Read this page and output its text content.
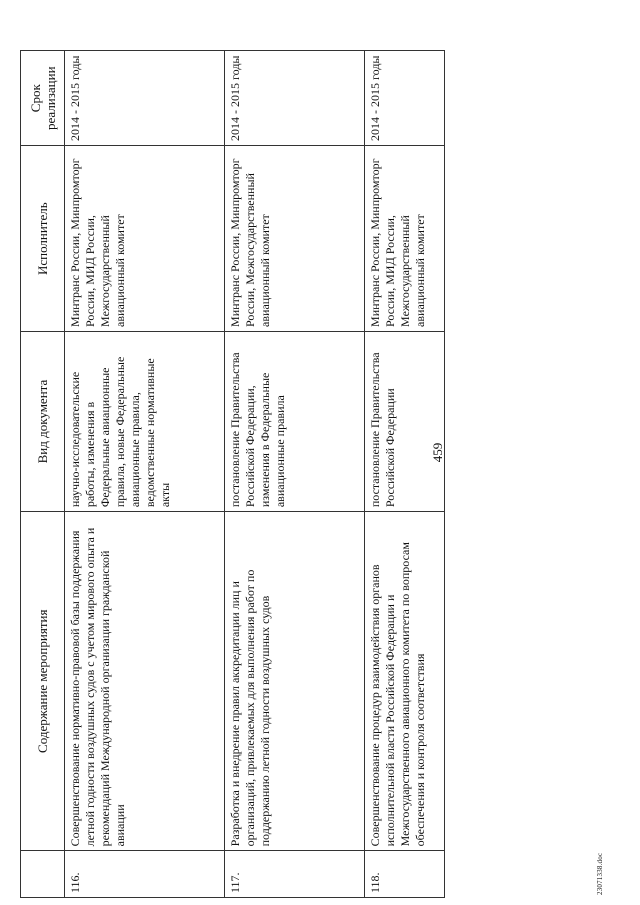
459
	Содержание мероприятия	Вид документа	Исполнитель	Срок реализации
116.	Совершенствование нормативно-правовой базы поддержания летной годности воздушных судов с учетом мирового опыта и рекомендаций Международной организации гражданской авиации	научно-исследовательские работы, изменения в Федеральные авиационные правила, новые Федеральные авиационные правила, ведомственные нормативные акты	Минтранс России, Минпромторг России, МИД России, Межгосударственный авиационный комитет	2014 - 2015 годы
117.	Разработка и внедрение правил аккредитации лиц и организаций, привлекаемых для выполнения работ по поддержанию летной годности воздушных судов	постановление Правительства Российской Федерации, изменения в Федеральные авиационные правила	Минтранс России, Минпромторг России, Межгосударственный авиационный комитет	2014 - 2015 годы
118.	Совершенствование процедур взаимодействия органов исполнительной власти Российской Федерации и Межгосударственного авиационного комитета по вопросам обеспечения и контроля соответствия	постановление Правительства Российской Федерации	Минтранс России, Минпромторг России, МИД России, Межгосударственный авиационный комитет	2014 - 2015 годы
23071338.doc
